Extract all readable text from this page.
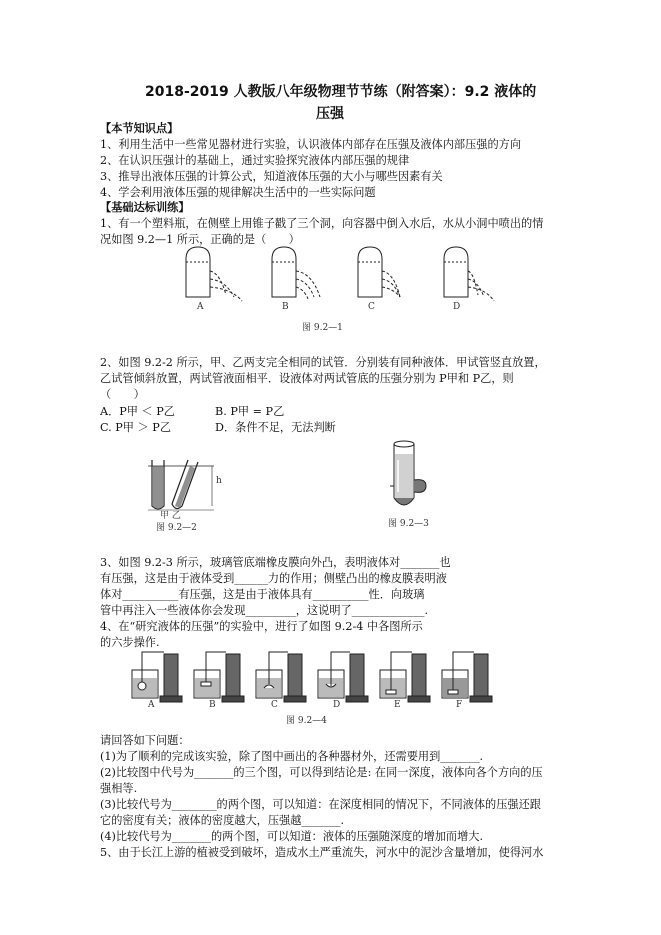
2018-2019 人教版八年级物理节节练（附答案）：9.2 液体的
压强
【本节知识点】
1、利用生活中一些常见器材进行实验，认识液体内部存在压强及液体内部压强的方向
2、在认识压强计的基础上，通过实验探究液体内部压强的规律
3、推导出液体压强的计算公式，知道液体压强的大小与哪些因素有关
4、学会利用液体压强的规律解决生活中的一些实际问题
【基础达标训练】
1、有一个塑料瓶，在侧壁上用锥子戳了三个洞，向容器中倒入水后，水从小洞中喷出的情
况如图 9.2—1 所示，正确的是（　　）
A	B	C	D
图 9.2—1
2、如图 9.2-2 所示，甲、乙两支完全相同的试管．分别装有同种液体．甲试管竖直放置，
乙试管倾斜放置，两试管液面相平．设液体对两试管底的压强分别为 P甲和 P乙，则
（　　）
A．P甲 ＜ P乙	B. P甲 = P乙
C. P甲 ＞ P乙	D．条件不足，无法判断
h
甲 乙
图 9.2—2	图 9.2—3
3、如图 9.2-3 所示，玻璃管底端橡皮膜向外凸，表明液体对_______也
有压强，这是由于液体受到______力的作用；侧壁凸出的橡皮膜表明液
体对__________有压强，这是由于液体具有__________性．向玻璃
管中再注入一些液体你会发现_________，这说明了_____________.
4、在“研究液体的压强”的实验中，进行了如图 9.2-4 中各图所示
的六步操作.
A	B	C	D	E	F
图 9.2—4
请回答如下问题：
(1)为了顺利的完成该实验，除了图中画出的各种器材外，还需要用到_______.
(2)比较图中代号为_______的三个图，可以得到结论是: 在同一深度，液体向各个方向的压
强相等.
(3)比较代号为________的两个图，可以知道：在深度相同的情况下，不同液体的压强还跟
它的密度有关；液体的密度越大，压强越_______.
(4)比较代号为_______的两个图，可以知道：液体的压强随深度的增加而增大.
5、由于长江上游的植被受到破坏，造成水土严重流失，河水中的泥沙含量增加，使得河水
